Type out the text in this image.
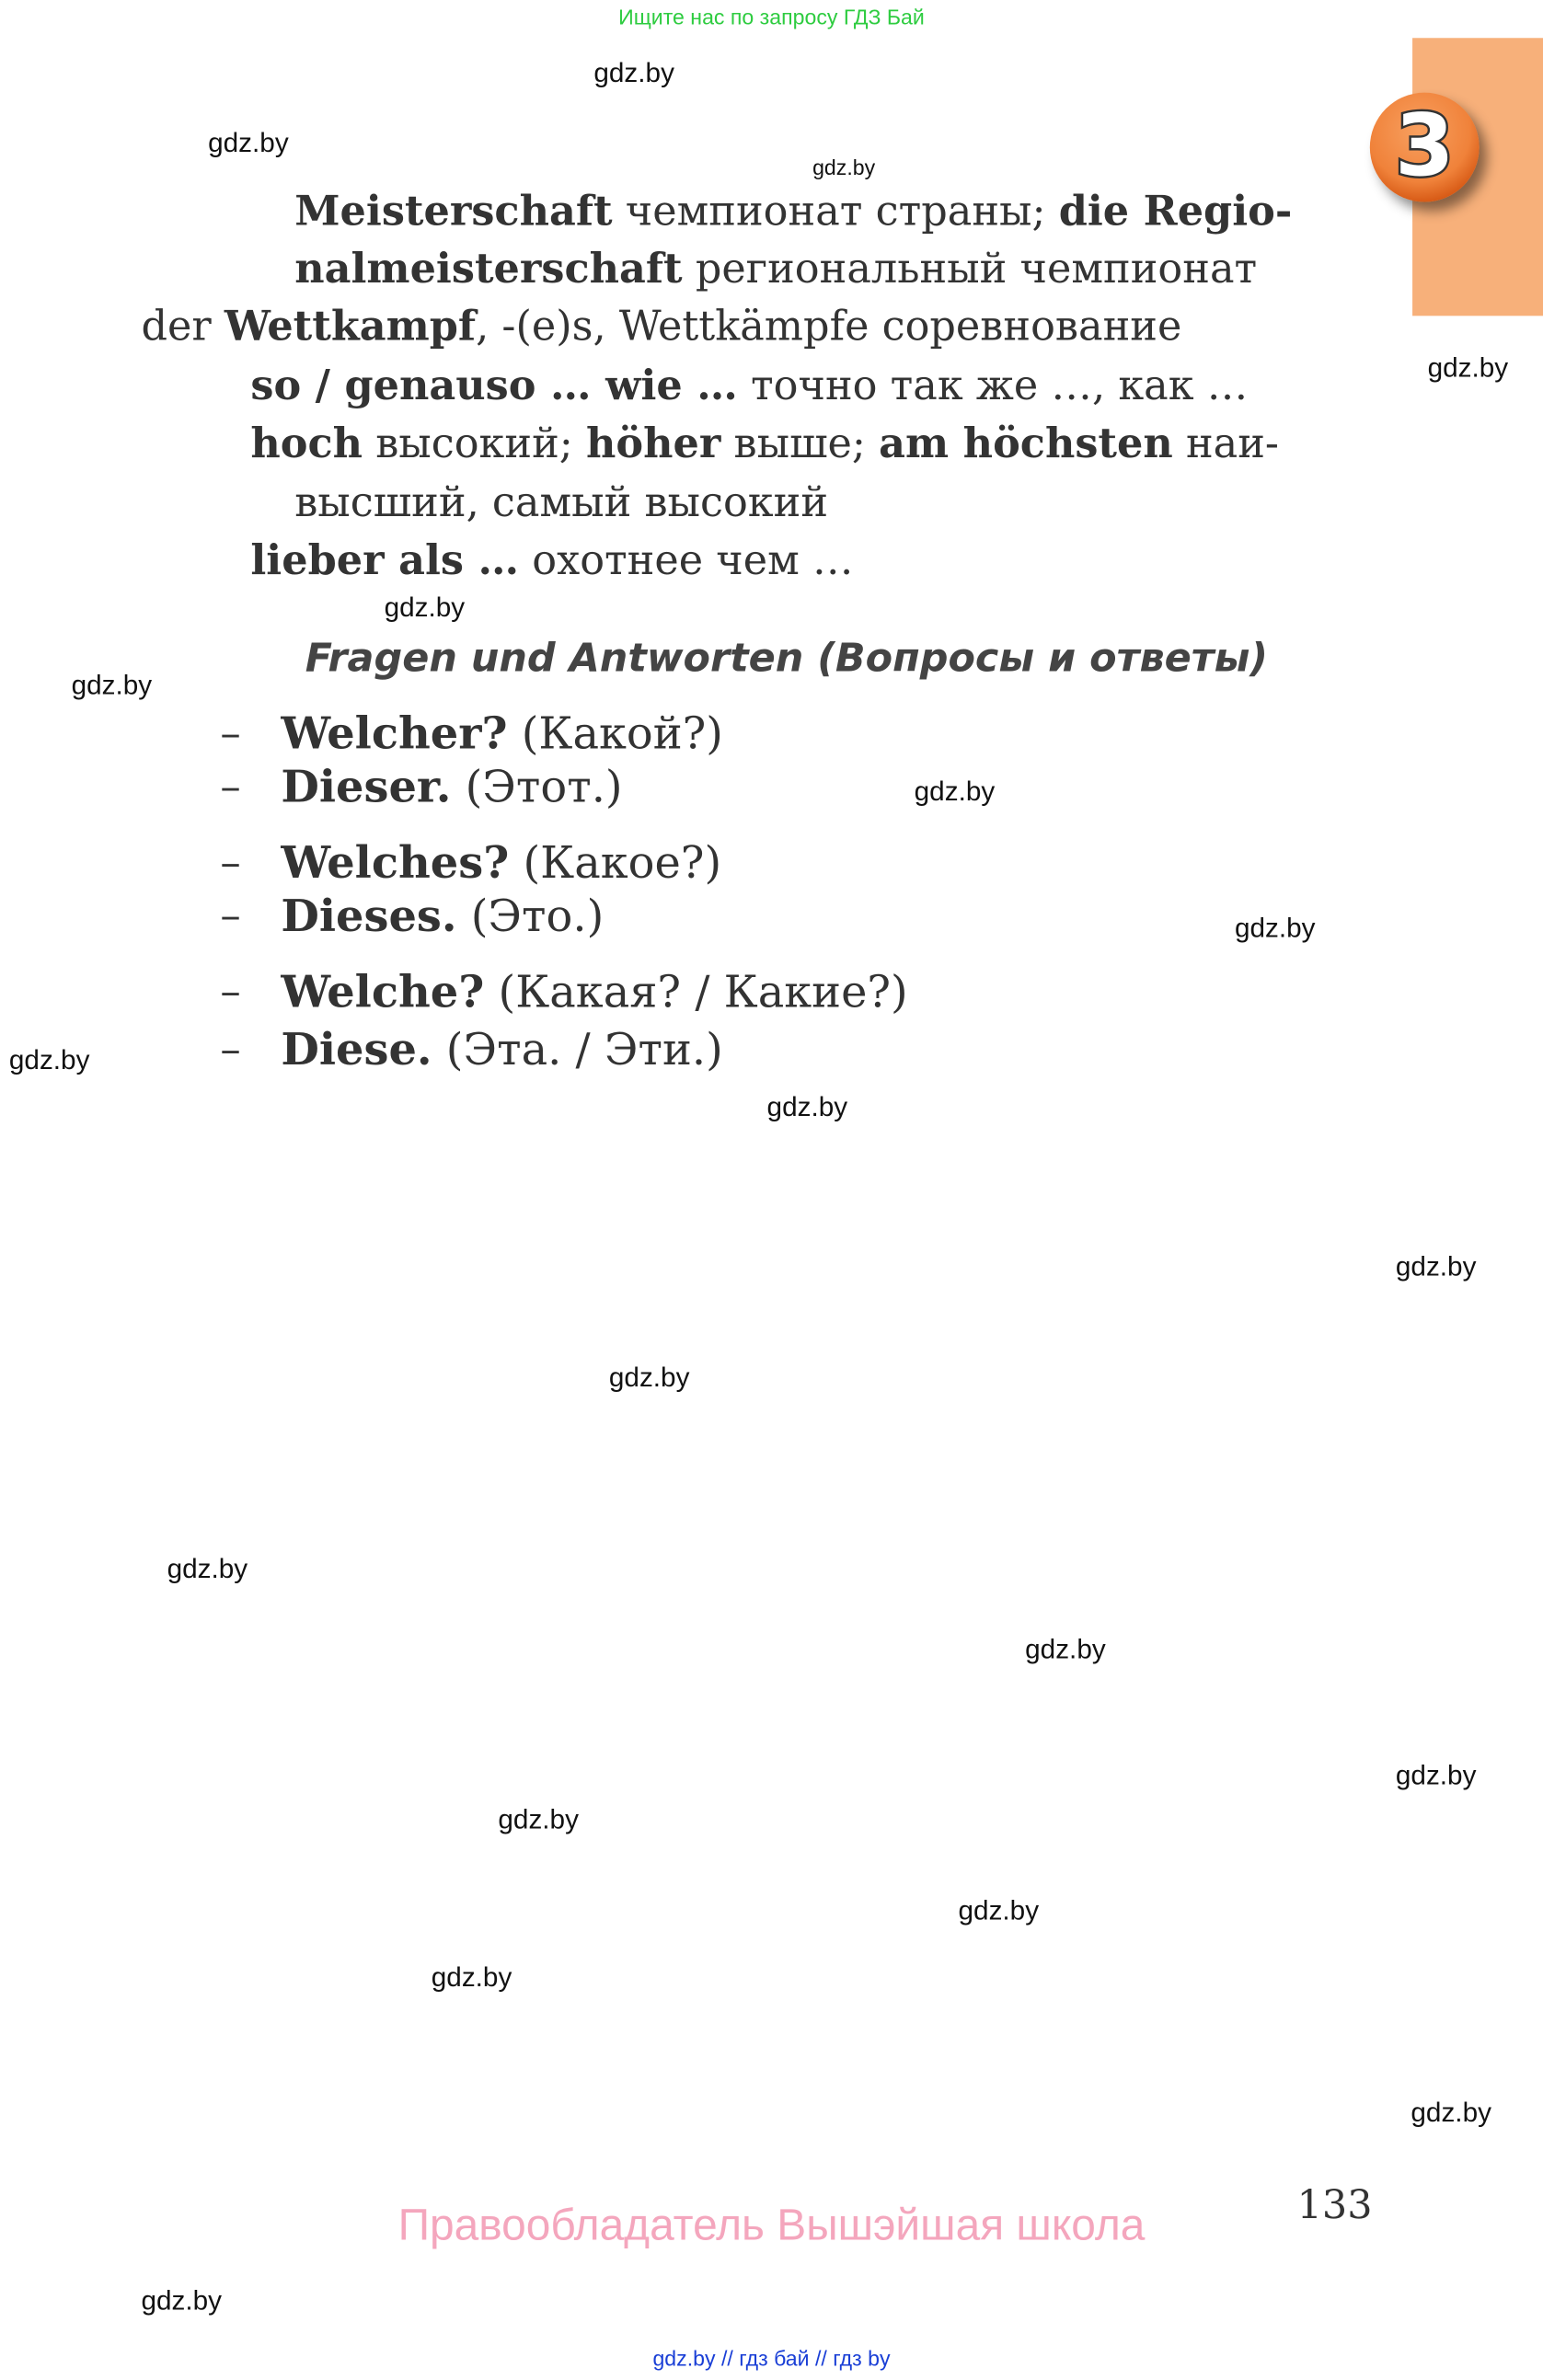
Ищите нас по запросу ГДЗ Бай
3
Meisterschaft чемпионат страны; die Regio-
nalmeisterschaft региональный чемпионат
der Wettkampf, -(e)s, Wettkämpfe соревнование
so / genauso … wie … точно так же …, как …
hoch высокий; höher выше; am höchsten наи-
высший, самый высокий
lieber als … охотнее чем …
Fragen und Antworten (Вопросы и ответы)
– Welcher? (Какой?)
– Dieser. (Этот.)
– Welches? (Какое?)
– Dieses. (Это.)
– Welche? (Какая? / Какие?)
– Diese. (Эта. / Эти.)
gdz.by
gdz.by
gdz.by
gdz.by
gdz.by
gdz.by
gdz.by
gdz.by
gdz.by
gdz.by
gdz.by
gdz.by
gdz.by
gdz.by
gdz.by
gdz.by
gdz.by
gdz.by
gdz.by
gdz.by
Правообладатель Вышэйшая школа	133
gdz.by // гдз бай // гдз by
